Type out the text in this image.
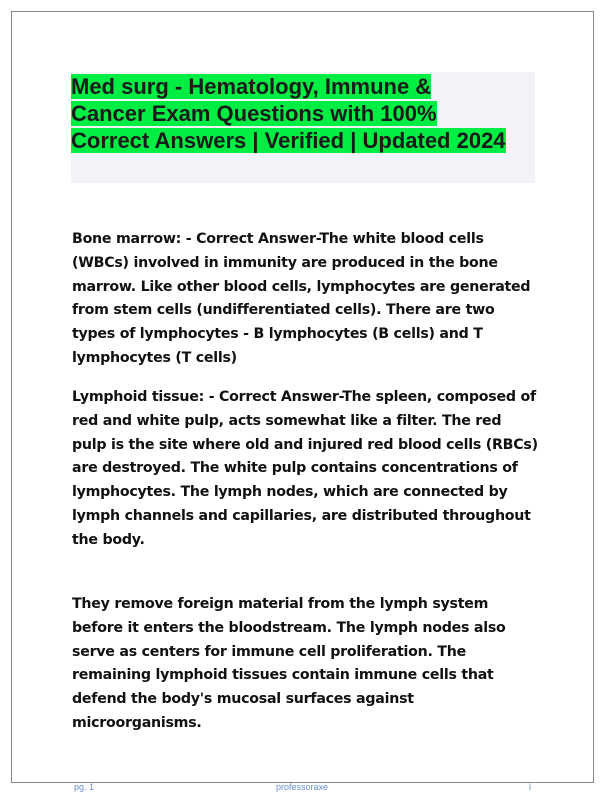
Med surg - Hematology, Immune & Cancer Exam Questions with 100% Correct Answers | Verified | Updated 2024

Bone marrow: - Correct Answer-The white blood cells (WBCs) involved in immunity are produced in the bone marrow. Like other blood cells, lymphocytes are generated from stem cells (undifferentiated cells). There are two types of lymphocytes - B lymphocytes (B cells) and T lymphocytes (T cells)

Lymphoid tissue: - Correct Answer-The spleen, composed of red and white pulp, acts somewhat like a filter. The red pulp is the site where old and injured red blood cells (RBCs) are destroyed. The white pulp contains concentrations of lymphocytes. The lymph nodes, which are connected by lymph channels and capillaries, are distributed throughout the body.

They remove foreign material from the lymph system before it enters the bloodstream. The lymph nodes also serve as centers for immune cell proliferation. The remaining lymphoid tissues contain immune cells that defend the body's mucosal surfaces against microorganisms.

pg. 1	professoraxe	l
